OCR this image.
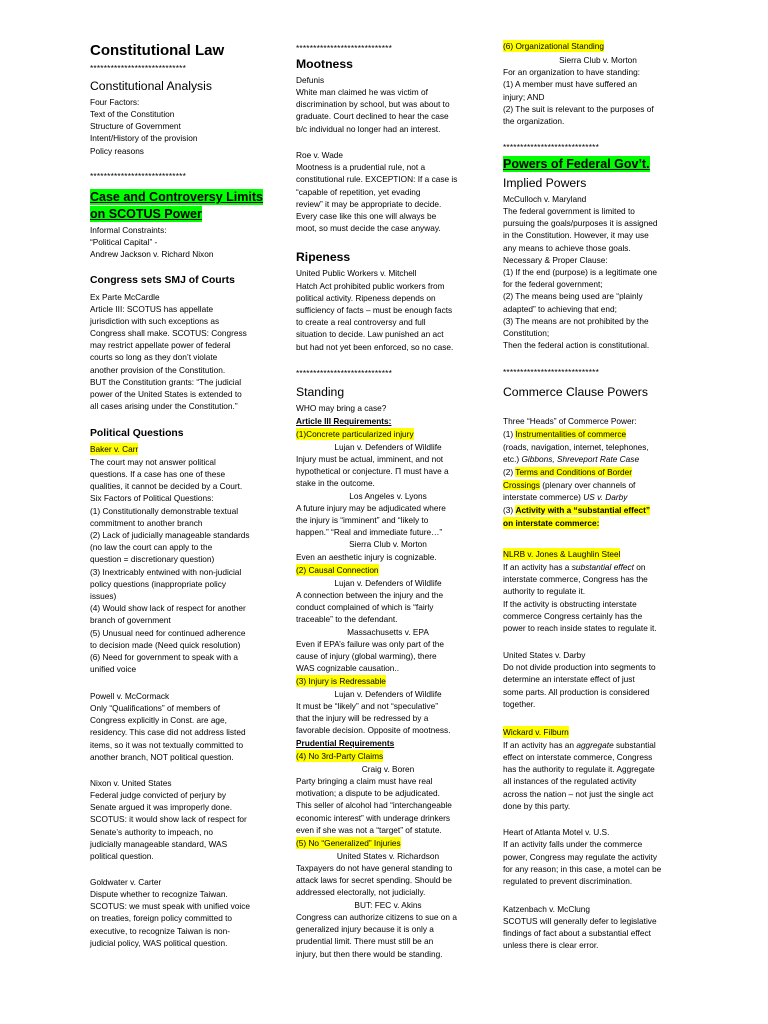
Constitutional Law
****************************
Constitutional Analysis
Four Factors:
Text of the Constitution
Structure of Government
Intent/History of the provision
Policy reasons
****************************
Case and Controversy Limits
on SCOTUS Power
Informal Constraints:
“Political Capital” -
Andrew Jackson v. Richard Nixon
Congress sets SMJ of Courts
Ex Parte McCardle
Article III: SCOTUS has appellate
jurisdiction with such exceptions as
Congress shall make. SCOTUS: Congress
may restrict appellate power of federal
courts so long as they don’t violate
another provision of the Constitution.
BUT the Constitution grants: “The judicial
power of the United States is extended to
all cases arising under the Constitution.”
Political Questions
Baker v. Carr
The court may not answer political
questions. If a case has one of these
qualities, it cannot be decided by a Court.
Six Factors of Political Questions:
(1) Constitutionally demonstrable textual
commitment to another branch
(2) Lack of judicially manageable standards
(no law the court can apply to the
question = discretionary question)
(3) Inextricably entwined with non-judicial
policy questions (inappropriate policy
issues)
(4) Would show lack of respect for another
branch of government
(5) Unusual need for continued adherence
to decision made (Need quick resolution)
(6) Need for government to speak with a
unified voice
Powell v. McCormack
Only “Qualifications” of members of
Congress explicitly in Const. are age,
residency. This case did not address listed
items, so it was not textually committed to
another branch, NOT political question.
Nixon v. United States
Federal judge convicted of perjury by
Senate argued it was improperly done.
SCOTUS: it would show lack of respect for
Senate’s authority to impeach, no
judicially manageable standard, WAS
political question.
Goldwater v. Carter
Dispute whether to recognize Taiwan.
SCOTUS: we must speak with unified voice
on treaties, foreign policy committed to
executive, to recognize Taiwan is non-
judicial policy, WAS political question.
****************************
Mootness
Defunis
White man claimed he was victim of
discrimination by school, but was about to
graduate. Court declined to hear the case
b/c individual no longer had an interest.
Roe v. Wade
Mootness is a prudential rule, not a
constitutional rule. EXCEPTION: If a case is
“capable of repetition, yet evading
review” it may be appropriate to decide.
Every case like this one will always be
moot, so must decide the case anyway.
Ripeness
United Public Workers v. Mitchell
Hatch Act prohibited public workers from
political activity. Ripeness depends on
sufficiency of facts – must be enough facts
to create a real controversy and full
situation to decide. Law punished an act
but had not yet been enforced, so no case.
****************************
Standing
WHO may bring a case?
Article III Requirements:
(1)Concrete particularized injury
Lujan v. Defenders of Wildlife
Injury must be actual, imminent, and not
hypothetical or conjecture. Π must have a
stake in the outcome.
Los Angeles v. Lyons
A future injury may be adjudicated where
the injury is “imminent” and “likely to
happen.” “Real and immediate future…”
Sierra Club v. Morton
Even an aesthetic injury is cognizable.
(2) Causal Connection
Lujan v. Defenders of Wildlife
A connection between the injury and the
conduct complained of which is “fairly
traceable” to the defendant.
Massachusetts v. EPA
Even if EPA’s failure was only part of the
cause of injury (global warming), there
WAS cognizable causation..
(3) Injury is Redressable
Lujan v. Defenders of Wildlife
It must be “likely” and not “speculative”
that the injury will be redressed by a
favorable decision. Opposite of mootness.
Prudential Requirements
(4) No 3rd-Party Claims
Craig v. Boren
Party bringing a claim must have real
motivation; a dispute to be adjudicated.
This seller of alcohol had “interchangeable
economic interest” with underage drinkers
even if she was not a “target” of statute.
(5) No “Generalized” Injuries
United States v. Richardson
Taxpayers do not have general standing to
attack laws for secret spending. Should be
addressed electorally, not judicially.
BUT: FEC v. Akins
Congress can authorize citizens to sue on a
generalized injury because it is only a
prudential limit. There must still be an
injury, but then there would be standing.
(6) Organizational Standing
Sierra Club v. Morton
For an organization to have standing:
(1) A member must have suffered an
injury; AND
(2) The suit is relevant to the purposes of
the organization.
****************************
Powers of Federal Gov’t.
Implied Powers
McCulloch v. Maryland
The federal government is limited to
pursuing the goals/purposes it is assigned
in the Constitution. However, it may use
any means to achieve those goals.
Necessary & Proper Clause:
(1) If the end (purpose) is a legitimate one
for the federal government;
(2) The means being used are “plainly
adapted” to achieving that end;
(3) The means are not prohibited by the
Constitution;
Then the federal action is constitutional.
****************************
Commerce Clause Powers
Three “Heads” of Commerce Power:
(1) Instrumentalities of commerce
(roads, navigation, internet, telephones,
etc.) Gibbons, Shreveport Rate Case
(2) Terms and Conditions of Border
Crossings (plenary over channels of
interstate commerce) US v. Darby
(3) Activity with a “substantial effect”
on interstate commerce:
NLRB v. Jones & Laughlin Steel
If an activity has a substantial effect on
interstate commerce, Congress has the
authority to regulate it.
If the activity is obstructing interstate
commerce Congress certainly has the
power to reach inside states to regulate it.
United States v. Darby
Do not divide production into segments to
determine an interstate effect of just
some parts. All production is considered
together.
Wickard v. Filburn
If an activity has an aggregate substantial
effect on interstate commerce, Congress
has the authority to regulate it. Aggregate
all instances of the regulated activity
across the nation – not just the single act
done by this party.
Heart of Atlanta Motel v. U.S.
If an activity falls under the commerce
power, Congress may regulate the activity
for any reason; in this case, a motel can be
regulated to prevent discrimination.
Katzenbach v. McClung
SCOTUS will generally defer to legislative
findings of fact about a substantial effect
unless there is clear error.
